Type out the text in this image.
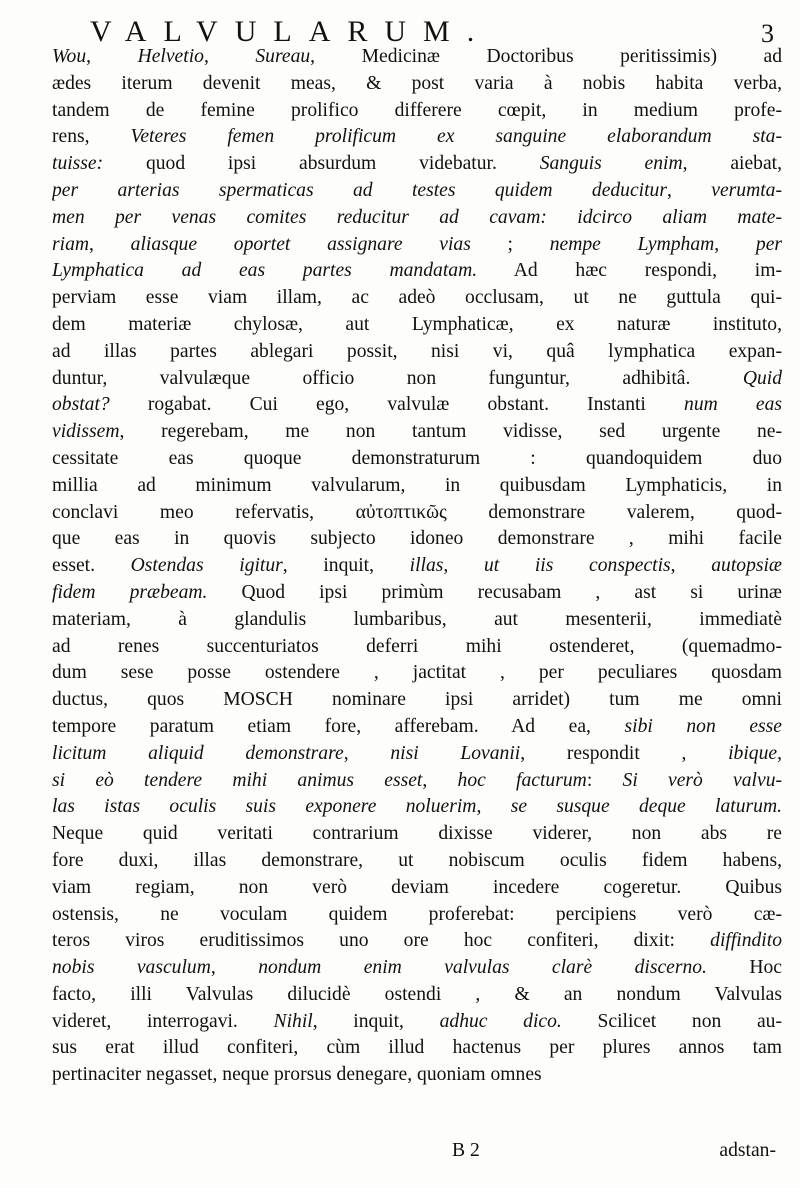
VALVULARUM.	3
Wou, Helvetio, Sureau, Medicinæ Doctoribus peritissimis) ad
ædes iterum devenit meas, & post varia à nobis habita verba,
tandem de femine prolifico differere cœpit, in medium profe-
rens, Veteres femen prolificum ex sanguine elaborandum sta-
tuisse: quod ipsi absurdum videbatur. Sanguis enim, aiebat,
per arterias spermaticas ad testes quidem deducitur, verumta-
men per venas comites reducitur ad cavam: idcirco aliam mate-
riam, aliasque oportet assignare vias ; nempe Lympham, per
Lymphatica ad eas partes mandatam. Ad hæc respondi, im-
perviam esse viam illam, ac adeò occlusam, ut ne guttula qui-
dem materiæ chylosæ, aut Lymphaticæ, ex naturæ instituto,
ad illas partes ablegari possit, nisi vi, quâ lymphatica expan-
duntur, valvulæque officio non funguntur, adhibitâ. Quid
obstat? rogabat. Cui ego, valvulæ obstant. Instanti num eas
vidissem, regerebam, me non tantum vidisse, sed urgente ne-
cessitate eas quoque demonstraturum : quandoquidem duo
millia ad minimum valvularum, in quibusdam Lymphaticis, in
conclavi meo refervatis, αὐτοπτικῶς demonstrare valerem, quod-
que eas in quovis subjecto idoneo demonstrare , mihi facile
esset. Ostendas igitur, inquit, illas, ut iis conspectis, autopsiæ
fidem præbeam. Quod ipsi primùm recusabam , ast si urinæ
materiam, à glandulis lumbaribus, aut mesenterii, immediatè
ad renes succenturiatos deferri mihi ostenderet, (quemadmo-
dum sese posse ostendere , jactitat , per peculiares quosdam
ductus, quos MOSCH nominare ipsi arridet) tum me omni
tempore paratum etiam fore, afferebam. Ad ea, sibi non esse
licitum aliquid demonstrare, nisi Lovanii, respondit , ibique,
si eò tendere mihi animus esset, hoc facturum: Si verò valvu-
las istas oculis suis exponere noluerim, se susque deque laturum.
Neque quid veritati contrarium dixisse viderer, non abs re
fore duxi, illas demonstrare, ut nobiscum oculis fidem habens,
viam regiam, non verò deviam incedere cogeretur. Quibus
ostensis, ne voculam quidem proferebat: percipiens verò cæ-
teros viros eruditissimos uno ore hoc confiteri, dixit: diffindito
nobis vasculum, nondum enim valvulas clarè discerno. Hoc
facto, illi Valvulas dilucidè ostendi , & an nondum Valvulas
videret, interrogavi. Nihil, inquit, adhuc dico. Scilicet non au-
sus erat illud confiteri, cùm illud hactenus per plures annos tam
pertinaciter negasset, neque prorsus denegare, quoniam omnes
B 2	adstan-
